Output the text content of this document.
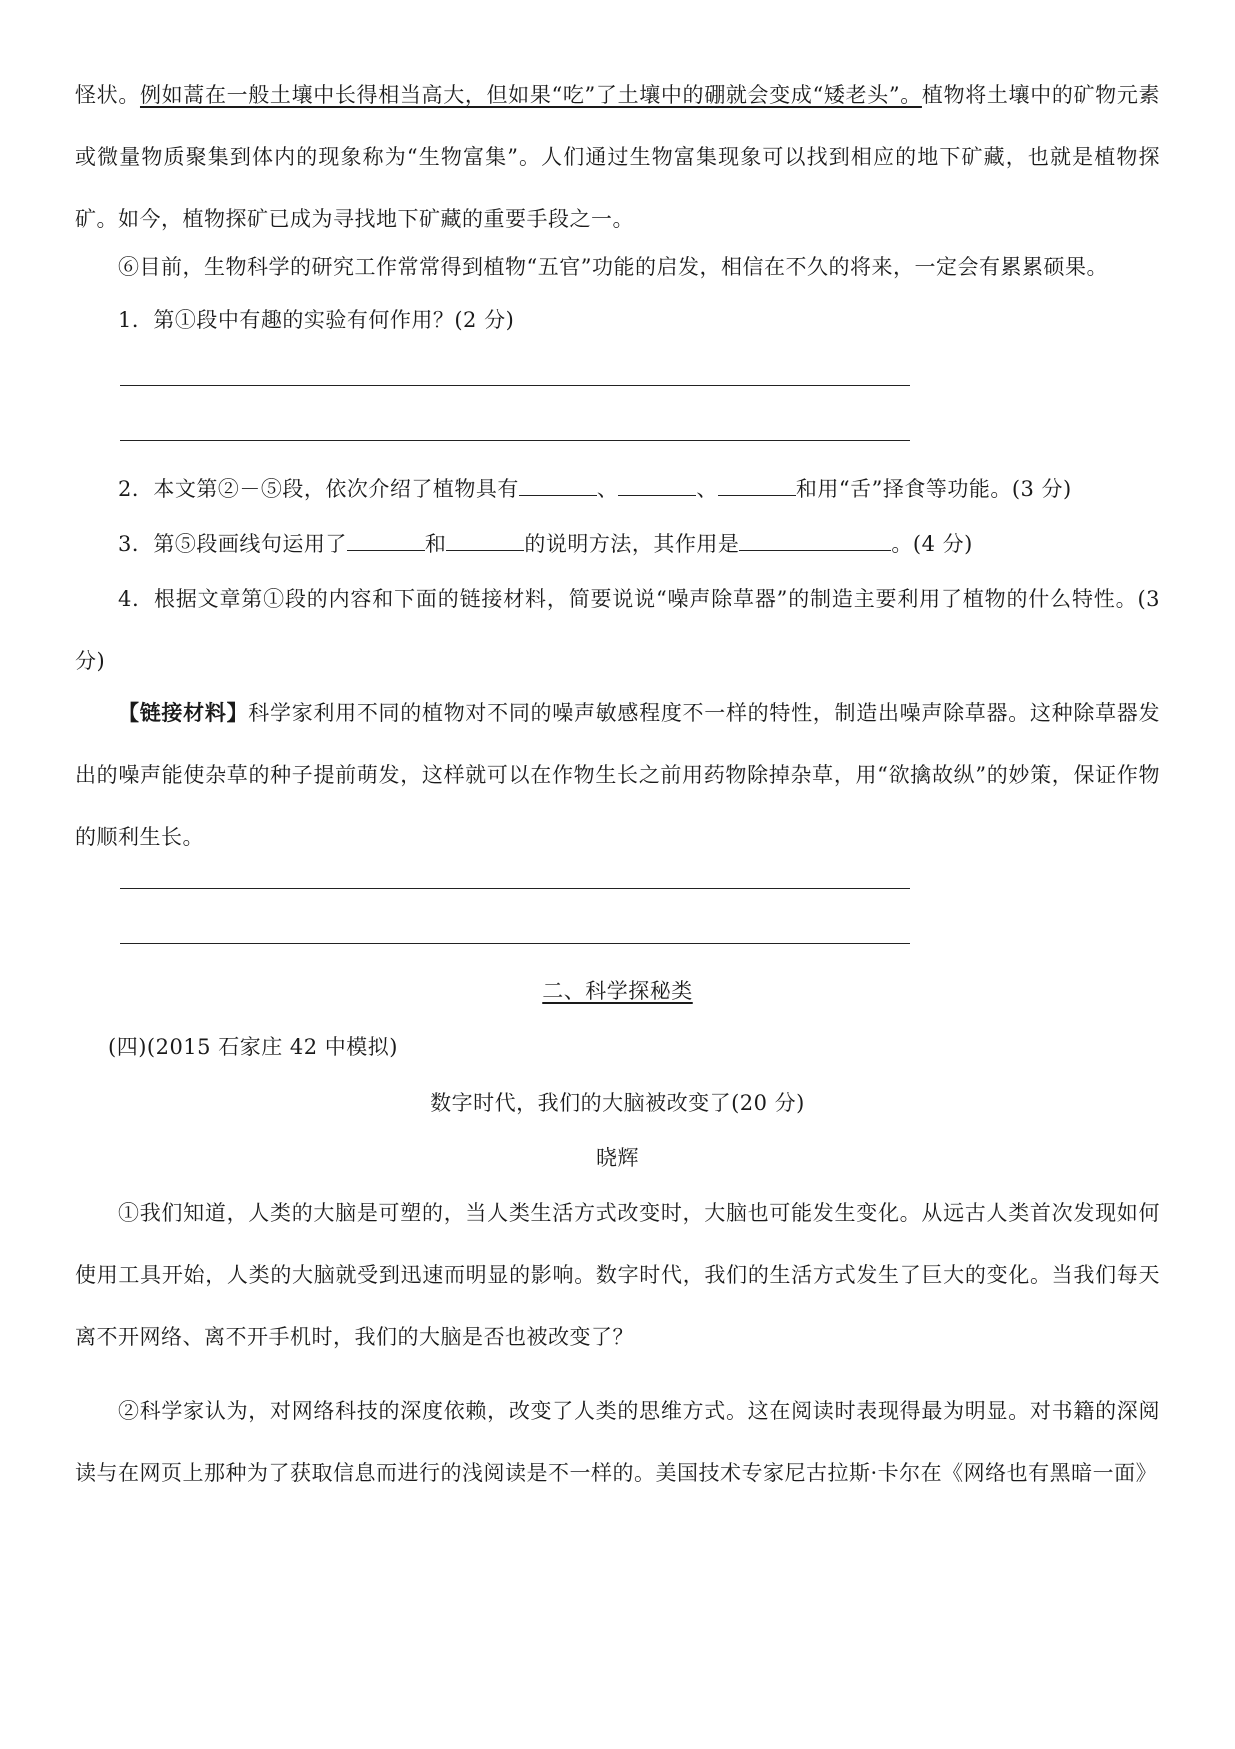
怪状。例如蒿在一般土壤中长得相当高大，但如果“吃”了土壤中的硼就会变成“矮老头”。植物将土壤中的矿物元素或微量物质聚集到体内的现象称为“生物富集”。人们通过生物富集现象可以找到相应的地下矿藏，也就是植物探矿。如今，植物探矿已成为寻找地下矿藏的重要手段之一。

⑥目前，生物科学的研究工作常常得到植物“五官”功能的启发，相信在不久的将来，一定会有累累硕果。

1．第①段中有趣的实验有何作用？(2 分)
2．本文第②－⑤段，依次介绍了植物具有	、	、	和用“舌”择食等功能。(3 分)
3．第⑤段画线句运用了	和	的说明方法，其作用是	。(4 分)

4．根据文章第①段的内容和下面的链接材料，简要说说“噪声除草器”的制造主要利用了植物的什么特性。(3 分)

【链接材料】科学家利用不同的植物对不同的噪声敏感程度不一样的特性，制造出噪声除草器。这种除草器发出的噪声能使杂草的种子提前萌发，这样就可以在作物生长之前用药物除掉杂草，用“欲擒故纵”的妙策，保证作物的顺利生长。

二、科学探秘类
(四)(2015 石家庄 42 中模拟)
数字时代，我们的大脑被改变了(20 分)
晓辉

①我们知道，人类的大脑是可塑的，当人类生活方式改变时，大脑也可能发生变化。从远古人类首次发现如何使用工具开始，人类的大脑就受到迅速而明显的影响。数字时代，我们的生活方式发生了巨大的变化。当我们每天离不开网络、离不开手机时，我们的大脑是否也被改变了？

②科学家认为，对网络科技的深度依赖，改变了人类的思维方式。这在阅读时表现得最为明显。对书籍的深阅读与在网页上那种为了获取信息而进行的浅阅读是不一样的。美国技术专家尼古拉斯·卡尔在《网络也有黑暗一面》
